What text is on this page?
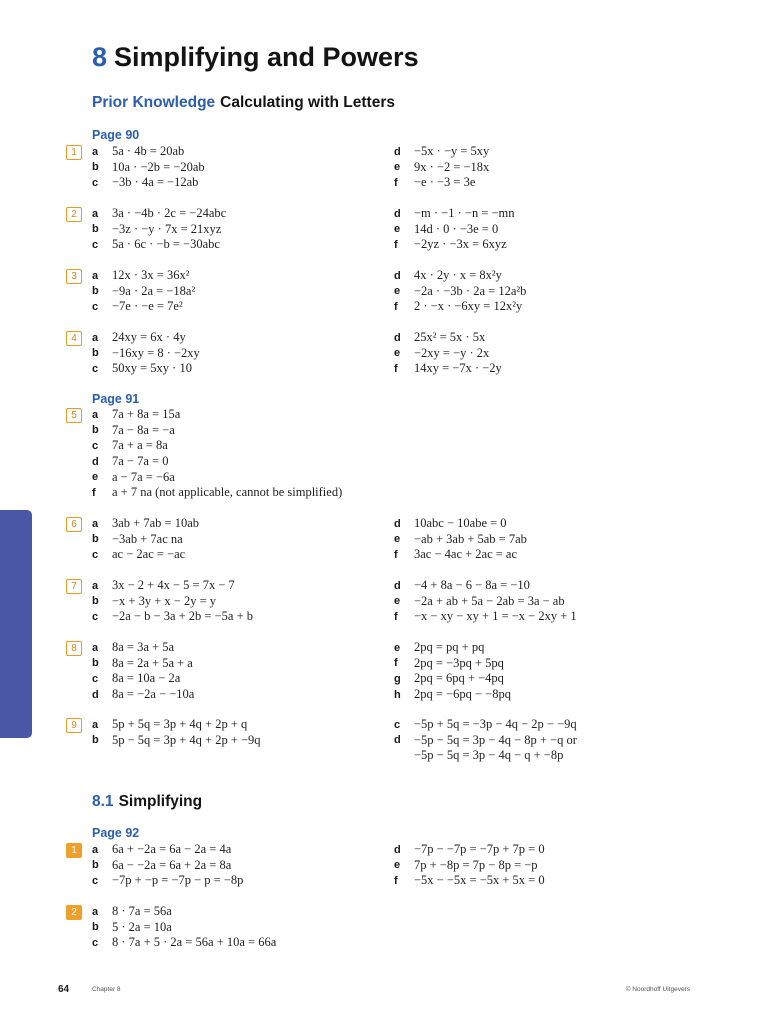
8 Simplifying and Powers
Prior Knowledge Calculating with Letters
8.1 Simplifying
Page 90
Page 91
Page 92
1	a	5a · 4b = 20ab
b	10a · −2b = −20ab
c	−3b · 4a = −12ab
d	−5x · −y = 5xy
e	9x · −2 = −18x
f	−e · −3 = 3e
2	a	3a · −4b · 2c = −24abc
b	−3z · −y · 7x = 21xyz
c	5a · 6c · −b = −30abc
d	−m · −1 · −n = −mn
e	14d · 0 · −3e = 0
f	−2yz · −3x = 6xyz
3	a	12x · 3x = 36x²
b	−9a · 2a = −18a²
c	−7e · −e = 7e²
d	4x · 2y · x = 8x²y
e	−2a · −3b · 2a = 12a²b
f	2 · −x · −6xy = 12x²y
4	a	24xy = 6x · 4y
b	−16xy = 8 · −2xy
c	50xy = 5xy · 10
d	25x² = 5x · 5x
e	−2xy = −y · 2x
f	14xy = −7x · −2y
5	a	7a + 8a = 15a
b	7a − 8a = −a
c	7a + a = 8a
d	7a − 7a = 0
e	a − 7a = −6a
f	a + 7 na (not applicable, cannot be simplified)
6	a	3ab + 7ab = 10ab
b	−3ab + 7ac na
c	ac − 2ac = −ac
d	10abc − 10abe = 0
e	−ab + 3ab + 5ab = 7ab
f	3ac − 4ac + 2ac = ac
7	a	3x − 2 + 4x − 5 = 7x − 7
b	−x + 3y + x − 2y = y
c	−2a − b − 3a + 2b = −5a + b
d	−4 + 8a − 6 − 8a = −10
e	−2a + ab + 5a − 2ab = 3a − ab
f	−x − xy − xy + 1 = −x − 2xy + 1
8	a	8a = 3a + 5a
b	8a = 2a + 5a + a
c	8a = 10a − 2a
d	8a = −2a − −10a
e	2pq = pq + pq
f	2pq = −3pq + 5pq
g	2pq = 6pq + −4pq
h	2pq = −6pq − −8pq
9	a	5p + 5q = 3p + 4q + 2p + q
b	5p − 5q = 3p + 4q + 2p + −9q
c	−5p + 5q = −3p − 4q − 2p − −9q
d	−5p − 5q = 3p − 4q − 8p + −q or
−5p − 5q = 3p − 4q − q + −8p
1	a	6a + −2a = 6a − 2a = 4a
b	6a − −2a = 6a + 2a = 8a
c	−7p + −p = −7p − p = −8p
d	−7p − −7p = −7p + 7p = 0
e	7p + −8p = 7p − 8p = −p
f	−5x − −5x = −5x + 5x = 0
2	a	8 · 7a = 56a
b	5 · 2a = 10a
c	8 · 7a + 5 · 2a = 56a + 10a = 66a
64	Chapter 8	© Noordhoff Uitgevers
